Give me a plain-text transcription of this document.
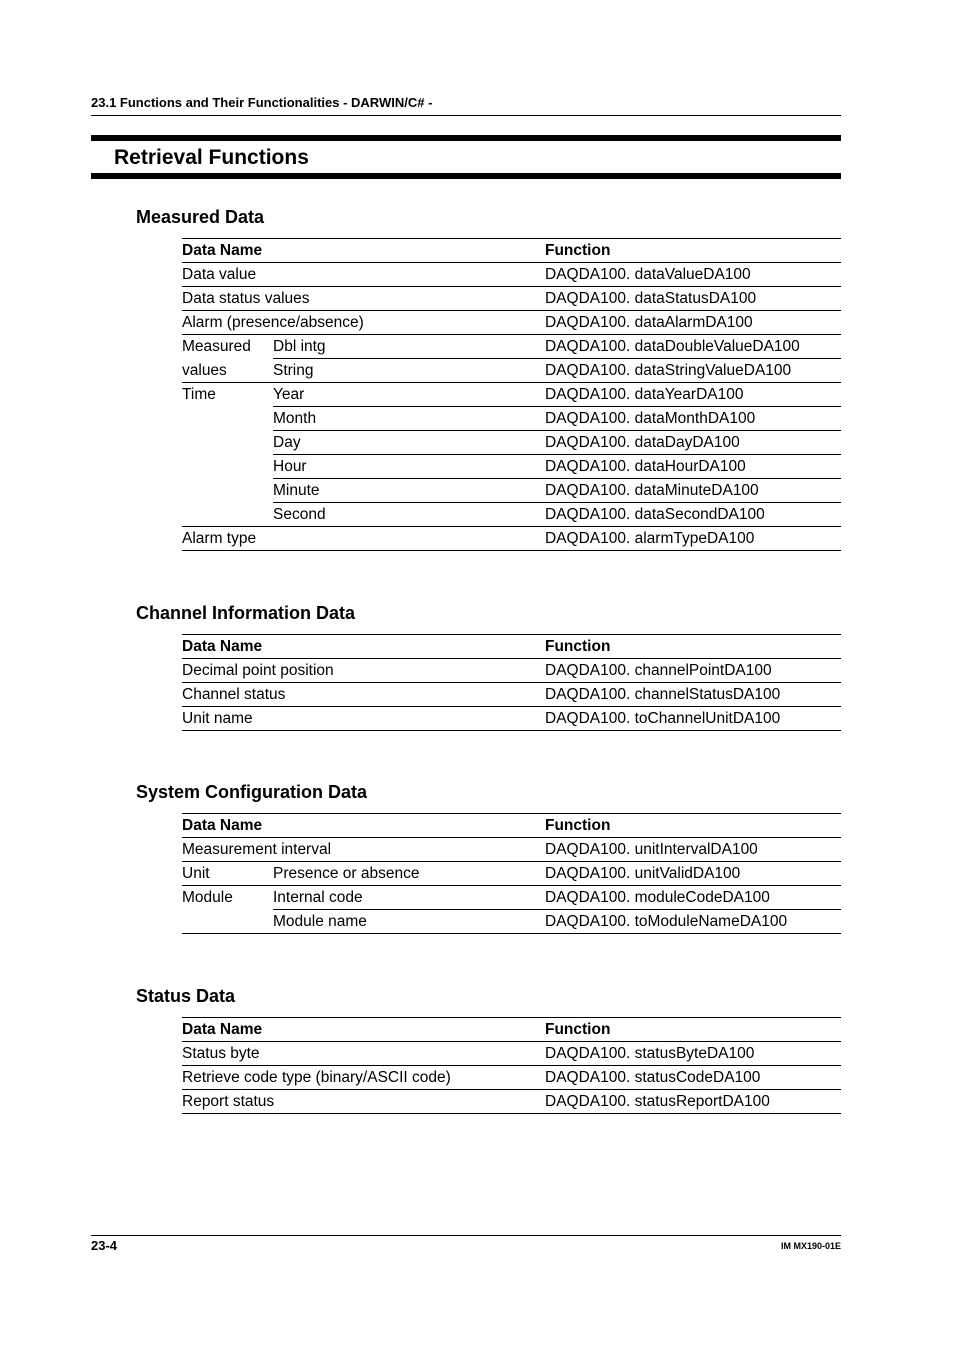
23.1 Functions and Their Functionalities - DARWIN/C# -
Retrieval Functions
Measured Data
Data Name		Function
Data value		DAQDA100. dataValueDA100
Data status values		DAQDA100. dataStatusDA100
Alarm (presence/absence)		DAQDA100. dataAlarmDA100
Measured	Dbl intg	DAQDA100. dataDoubleValueDA100
values	String	DAQDA100. dataStringValueDA100
Time	Year	DAQDA100. dataYearDA100
	Month	DAQDA100. dataMonthDA100
	Day	DAQDA100. dataDayDA100
	Hour	DAQDA100. dataHourDA100
	Minute	DAQDA100. dataMinuteDA100
	Second	DAQDA100. dataSecondDA100
Alarm type		DAQDA100. alarmTypeDA100
Channel Information Data
System Configuration Data
Status Data
Data Name	Function
Decimal point position	DAQDA100. channelPointDA100
Channel status	DAQDA100. channelStatusDA100
Unit name	DAQDA100. toChannelUnitDA100
Data Name		Function
Measurement interval		DAQDA100. unitIntervalDA100
Unit	Presence or absence	DAQDA100. unitValidDA100
Module	Internal code	DAQDA100. moduleCodeDA100
	Module name	DAQDA100. toModuleNameDA100
Data Name	Function
Status byte	DAQDA100. statusByteDA100
Retrieve code type (binary/ASCII code)	DAQDA100. statusCodeDA100
Report status	DAQDA100. statusReportDA100
23-4	IM MX190-01E
